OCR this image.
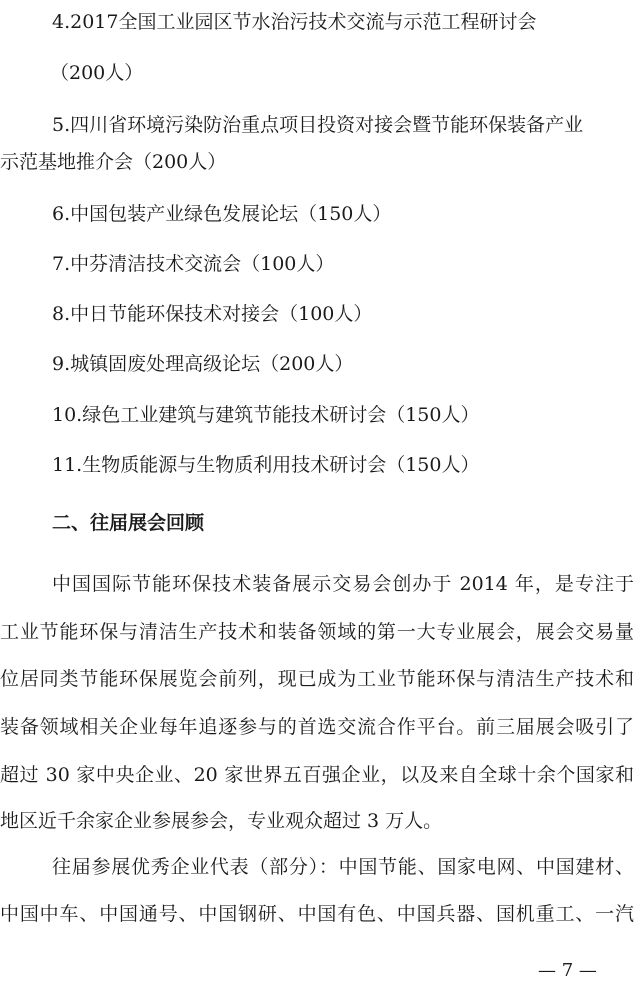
4.2017全国工业园区节水治污技术交流与示范工程研讨会
（200人）
5.四川省环境污染防治重点项目投资对接会暨节能环保装备产业
示范基地推介会（200人）
6.中国包装产业绿色发展论坛（150人）
7.中芬清洁技术交流会（100人）
8.中日节能环保技术对接会（100人）
9.城镇固废处理高级论坛（200人）
10.绿色工业建筑与建筑节能技术研讨会（150人）
11.生物质能源与生物质利用技术研讨会（150人）
二、往届展会回顾
中国国际节能环保技术装备展示交易会创办于 2014 年，是专注于
工业节能环保与清洁生产技术和装备领域的第一大专业展会，展会交易量
位居同类节能环保展览会前列，现已成为工业节能环保与清洁生产技术和
装备领域相关企业每年追逐参与的首选交流合作平台。前三届展会吸引了
超过 30 家中央企业、20 家世界五百强企业，以及来自全球十余个国家和
地区近千余家企业参展参会，专业观众超过 3 万人。
往届参展优秀企业代表（部分）：中国节能、国家电网、中国建材、
中国中车、中国通号、中国钢研、中国有色、中国兵器、国机重工、一汽
— 7 —
